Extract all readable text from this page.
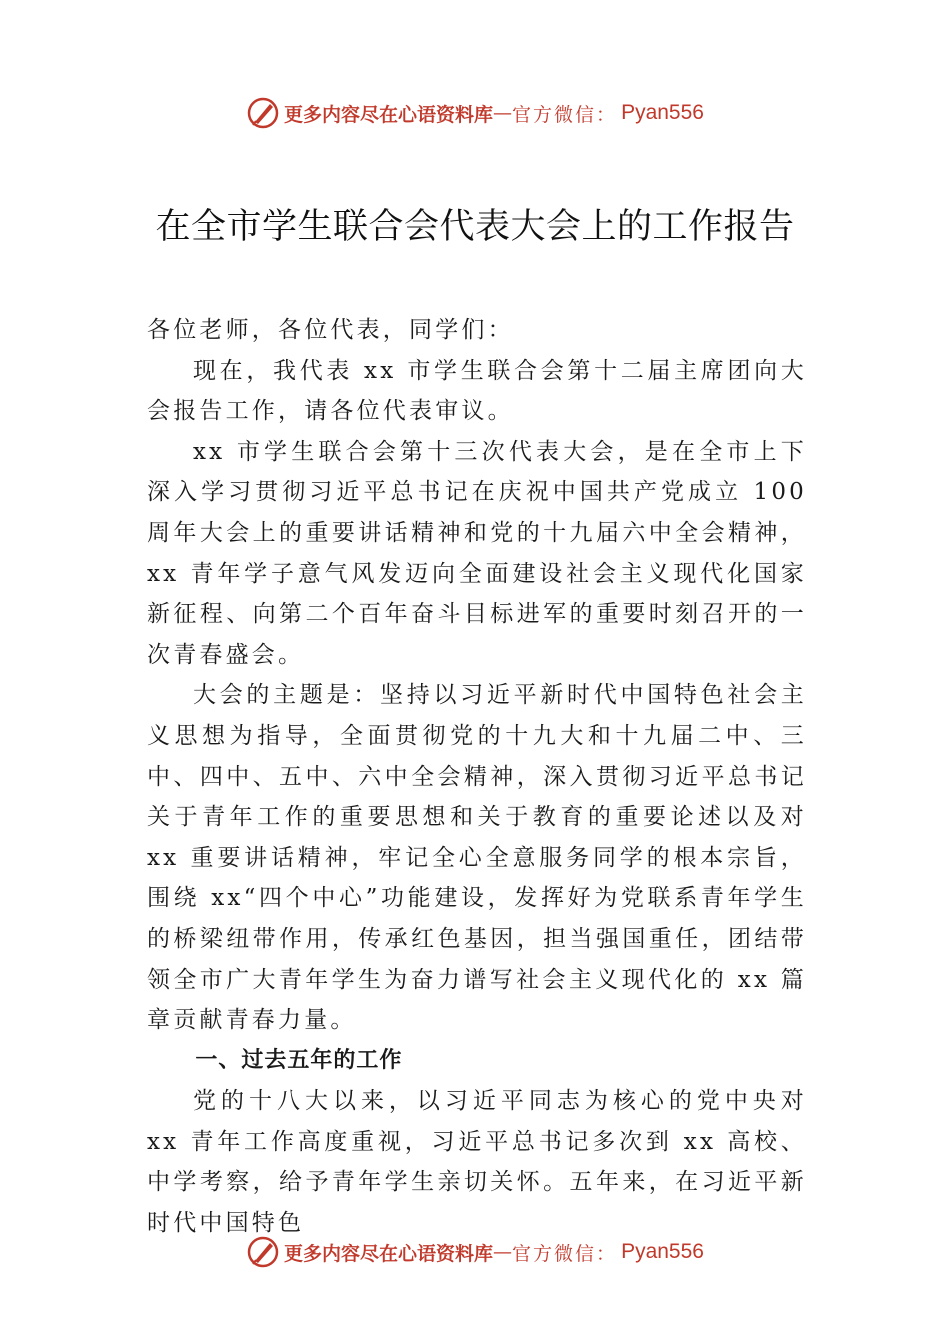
更多内容尽在心语资料库 — 官方微信： Pyan556
在全市学生联合会代表大会上的工作报告

各位老师，各位代表，同学们：

现在，我代表 xx 市学生联合会第十二届主席团向大会报告工作，请各位代表审议。

xx 市学生联合会第十三次代表大会，是在全市上下深入学习贯彻习近平总书记在庆祝中国共产党成立 100 周年大会上的重要讲话精神和党的十九届六中全会精神，xx 青年学子意气风发迈向全面建设社会主义现代化国家新征程、向第二个百年奋斗目标进军的重要时刻召开的一次青春盛会。

大会的主题是：坚持以习近平新时代中国特色社会主义思想为指导，全面贯彻党的十九大和十九届二中、三中、四中、五中、六中全会精神，深入贯彻习近平总书记关于青年工作的重要思想和关于教育的重要论述以及对 xx 重要讲话精神，牢记全心全意服务同学的根本宗旨，围绕 xx“四个中心”功能建设，发挥好为党联系青年学生的桥梁纽带作用，传承红色基因，担当强国重任，团结带领全市广大青年学生为奋力谱写社会主义现代化的 xx 篇章贡献青春力量。

一、过去五年的工作

党的十八大以来，以习近平同志为核心的党中央对 xx 青年工作高度重视，习近平总书记多次到 xx 高校、中学考察，给予青年学生亲切关怀。五年来，在习近平新时代中国特色

更多内容尽在心语资料库 — 官方微信： Pyan556
